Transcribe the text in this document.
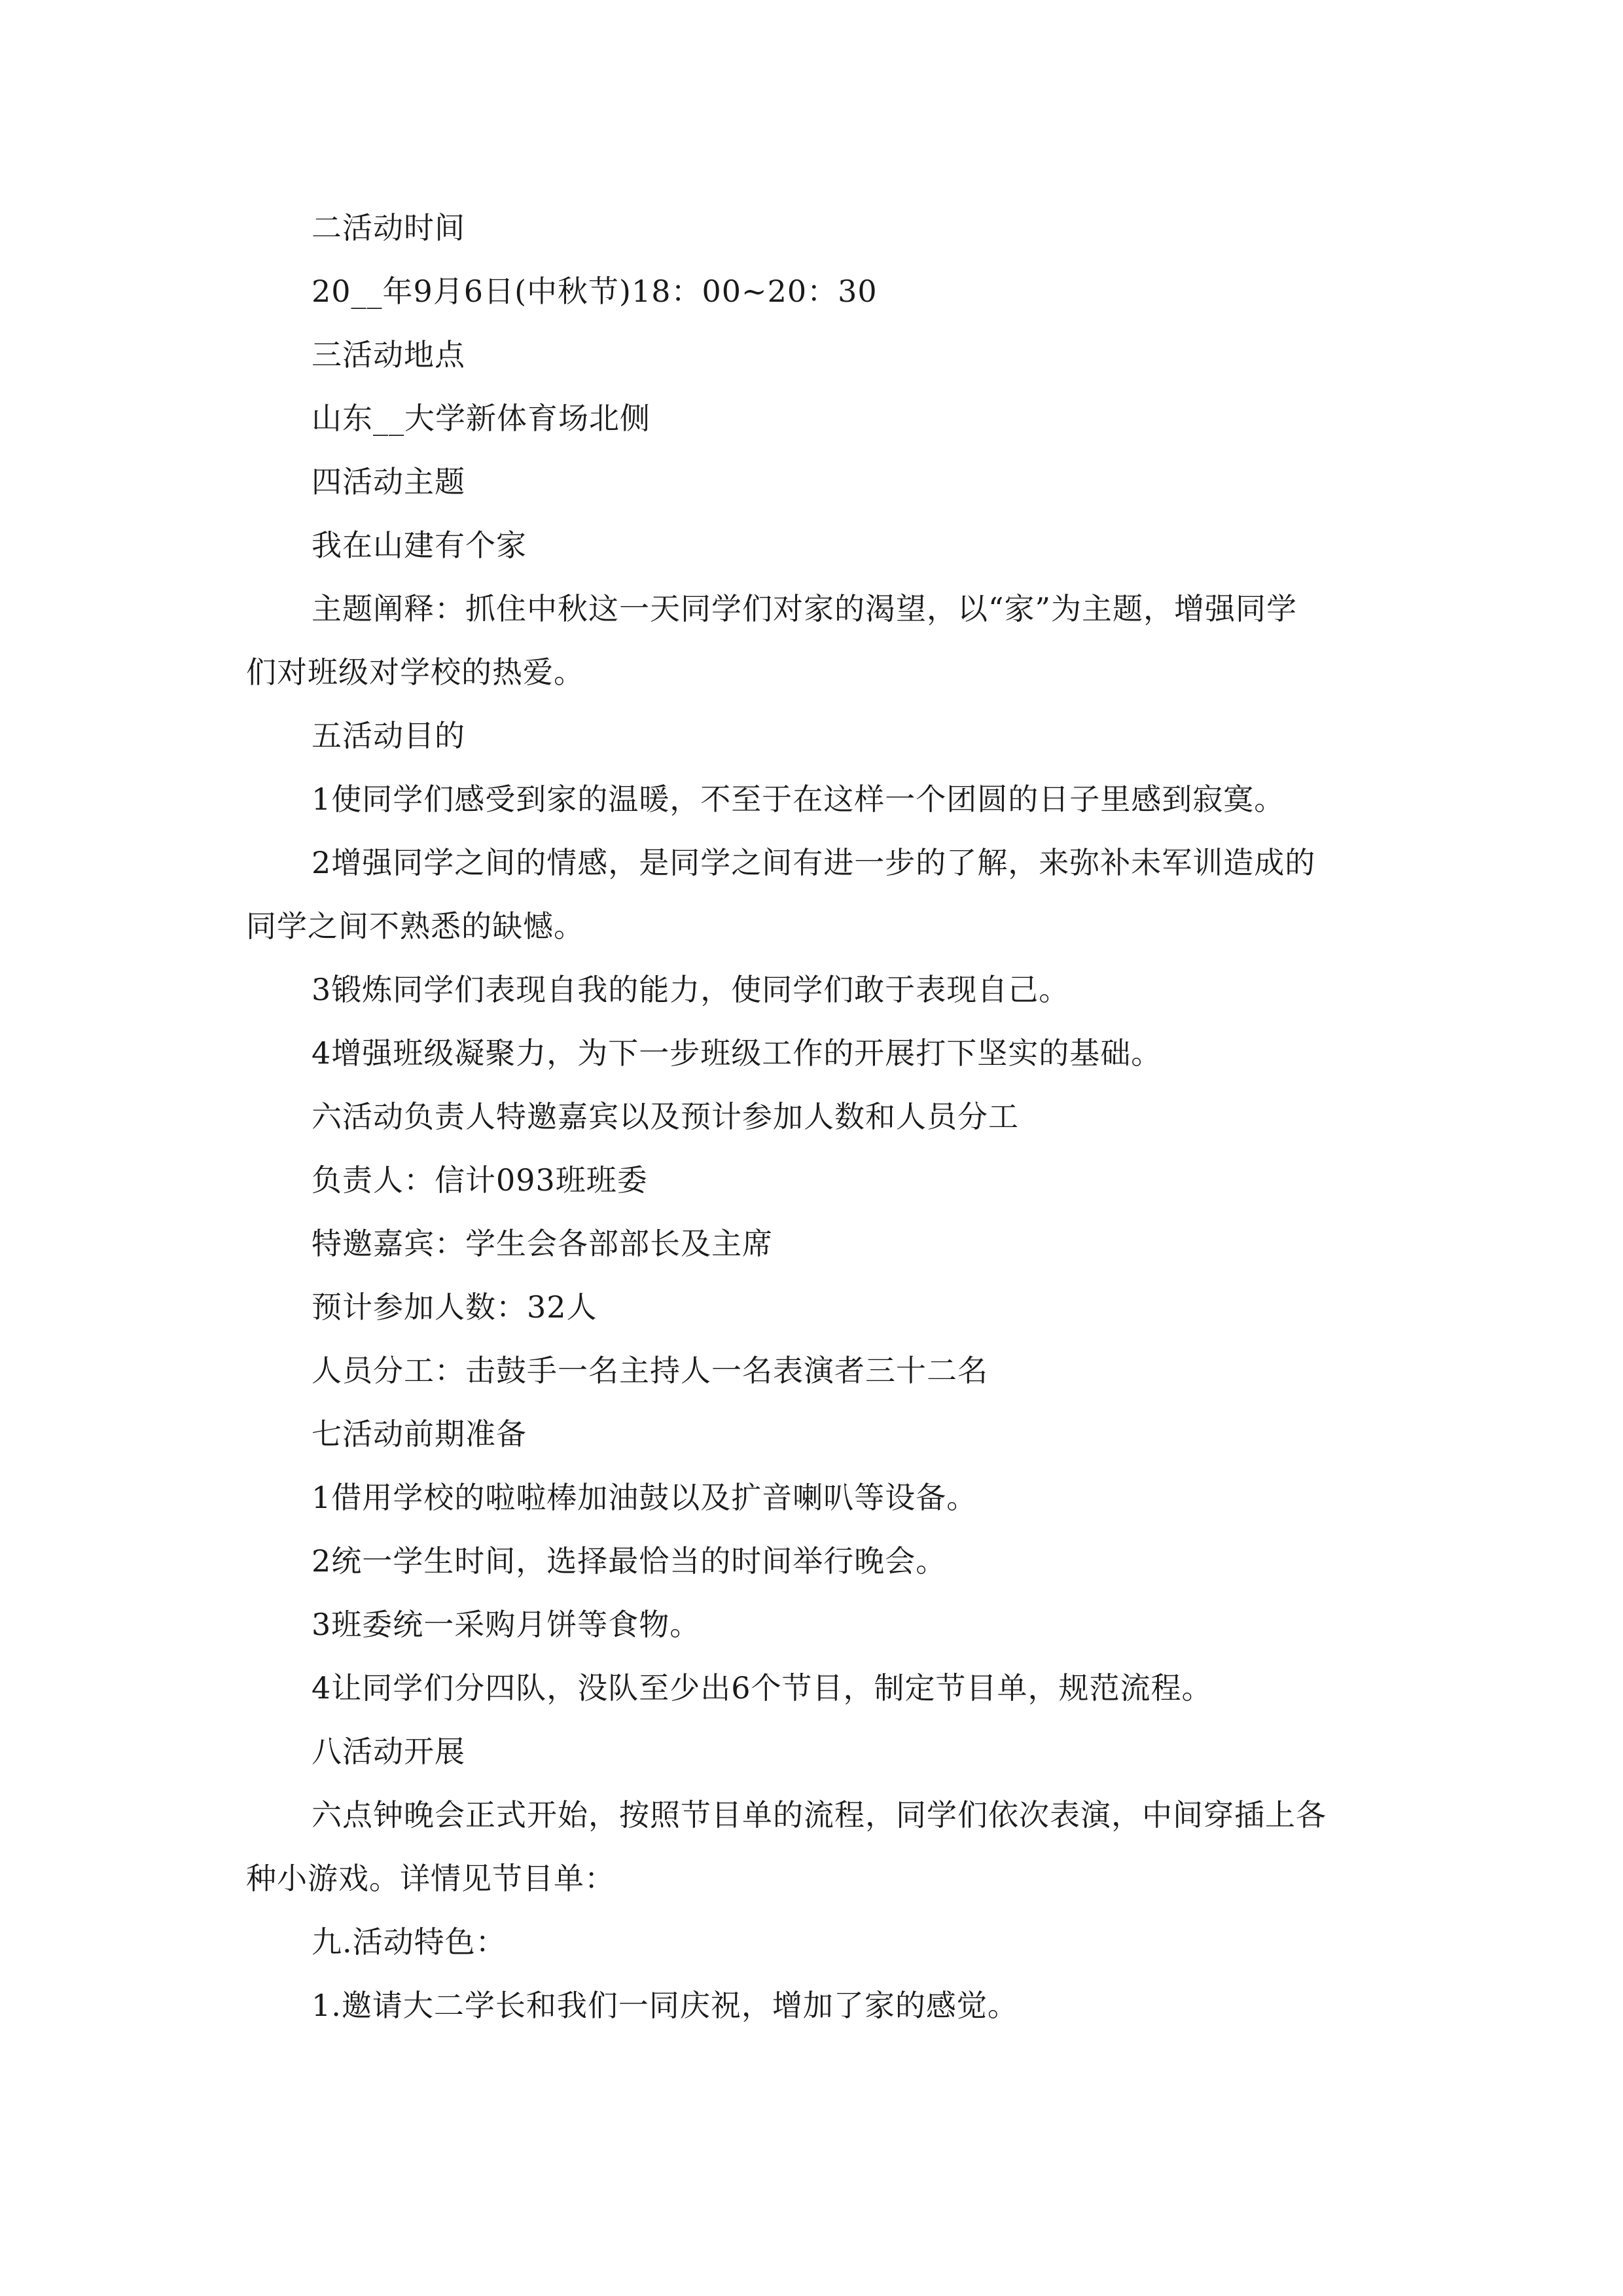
二活动时间
20__年9月6日(中秋节)18：00~20：30
三活动地点
山东__大学新体育场北侧
四活动主题
我在山建有个家
主题阐释：抓住中秋这一天同学们对家的渴望，以“家”为主题，增强同学
们对班级对学校的热爱。
五活动目的
1使同学们感受到家的温暖，不至于在这样一个团圆的日子里感到寂寞。
2增强同学之间的情感，是同学之间有进一步的了解，来弥补未军训造成的
同学之间不熟悉的缺憾。
3锻炼同学们表现自我的能力，使同学们敢于表现自己。
4增强班级凝聚力，为下一步班级工作的开展打下坚实的基础。
六活动负责人特邀嘉宾以及预计参加人数和人员分工
负责人：信计093班班委
特邀嘉宾：学生会各部部长及主席
预计参加人数：32人
人员分工：击鼓手一名主持人一名表演者三十二名
七活动前期准备
1借用学校的啦啦棒加油鼓以及扩音喇叭等设备。
2统一学生时间，选择最恰当的时间举行晚会。
3班委统一采购月饼等食物。
4让同学们分四队，没队至少出6个节目，制定节目单，规范流程。
八活动开展
六点钟晚会正式开始，按照节目单的流程，同学们依次表演，中间穿插上各
种小游戏。详情见节目单：
九.活动特色：
1.邀请大二学长和我们一同庆祝，增加了家的感觉。
